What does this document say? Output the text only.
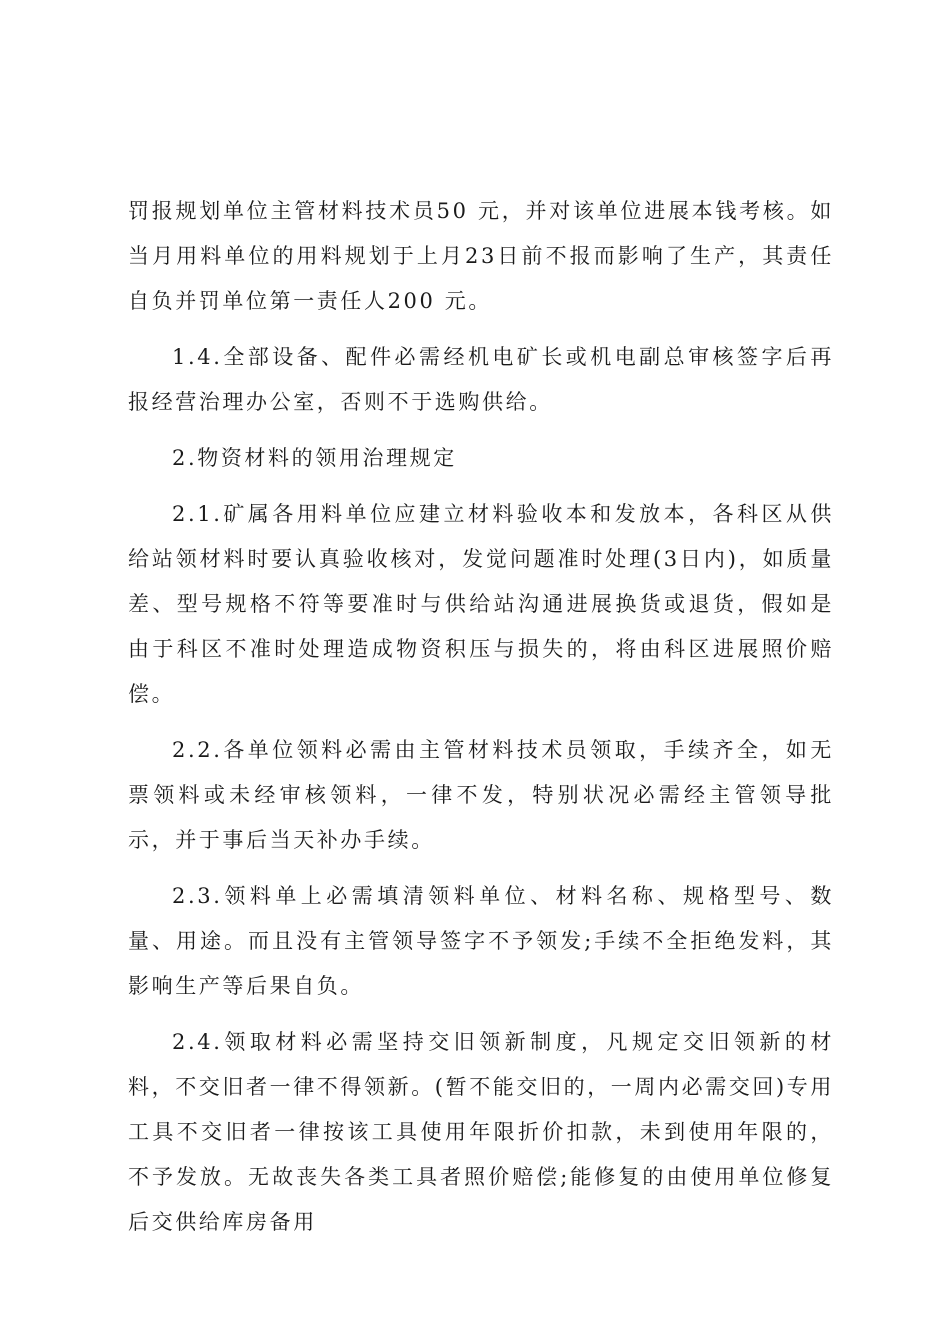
罚报规划单位主管材料技术员50 元，并对该单位进展本钱考核。如当月用料单位的用料规划于上月23日前不报而影响了生产，其责任自负并罚单位第一责任人200 元。

1.4.全部设备、配件必需经机电矿长或机电副总审核签字后再报经营治理办公室，否则不于选购供给。

2.物资材料的领用治理规定

2.1.矿属各用料单位应建立材料验收本和发放本，各科区从供给站领材料时要认真验收核对，发觉问题准时处理(3日内)，如质量差、型号规格不符等要准时与供给站沟通进展换货或退货，假如是由于科区不准时处理造成物资积压与损失的，将由科区进展照价赔偿。

2.2.各单位领料必需由主管材料技术员领取，手续齐全，如无票领料或未经审核领料，一律不发，特别状况必需经主管领导批示，并于事后当天补办手续。

2.3.领料单上必需填清领料单位、材料名称、规格型号、数量、用途。而且没有主管领导签字不予领发;手续不全拒绝发料，其影响生产等后果自负。

2.4.领取材料必需坚持交旧领新制度，凡规定交旧领新的材料，不交旧者一律不得领新。(暂不能交旧的，一周内必需交回)专用工具不交旧者一律按该工具使用年限折价扣款，未到使用年限的，不予发放。无故丧失各类工具者照价赔偿;能修复的由使用单位修复后交供给库房备用
